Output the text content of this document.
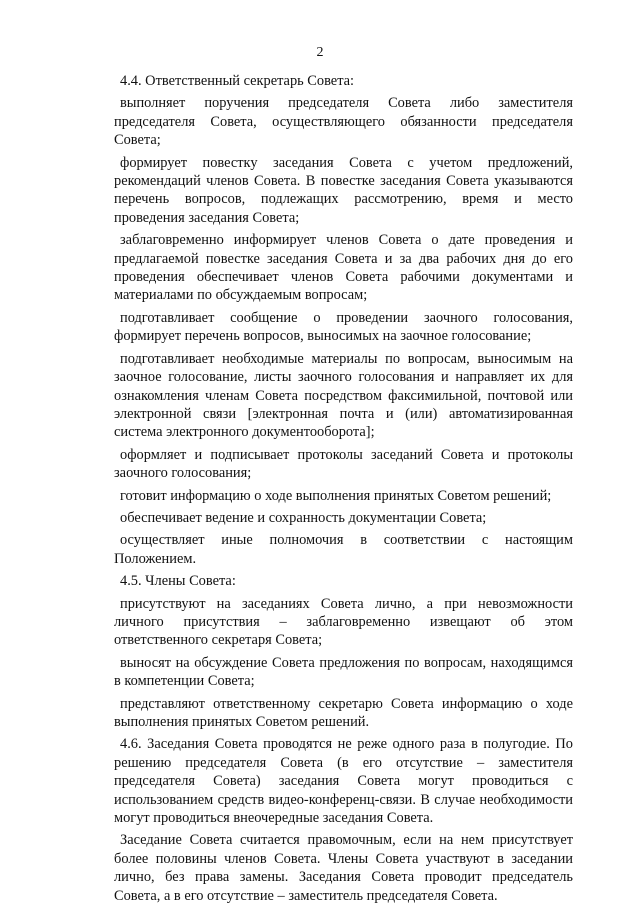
2

4.4. Ответственный секретарь Совета:

выполняет поручения председателя Совета либо заместителя председателя Совета, осуществляющего обязанности председателя Совета;

формирует повестку заседания Совета с учетом предложений, рекомендаций членов Совета. В повестке заседания Совета указываются перечень вопросов, подлежащих рассмотрению, время и место проведения заседания Совета;

заблаговременно информирует членов Совета о дате проведения и предлагаемой повестке заседания Совета и за два рабочих дня до его проведения обеспечивает членов Совета рабочими документами и материалами по обсуждаемым вопросам;

подготавливает сообщение о проведении заочного голосования, формирует перечень вопросов, выносимых на заочное голосование;

подготавливает необходимые материалы по вопросам, выносимым на заочное голосование, листы заочного голосования и направляет их для ознакомления членам Совета посредством факсимильной, почтовой или электронной связи [электронная почта и (или) автоматизированная система электронного документооборота];

оформляет и подписывает протоколы заседаний Совета и протоколы заочного голосования;

готовит информацию о ходе выполнения принятых Советом решений;

обеспечивает ведение и сохранность документации Совета;

осуществляет иные полномочия в соответствии с настоящим Положением.

4.5. Члены Совета:

присутствуют на заседаниях Совета лично, а при невозможности личного присутствия – заблаговременно извещают об этом ответственного секретаря Совета;

выносят на обсуждение Совета предложения по вопросам, находящимся в компетенции Совета;

представляют ответственному секретарю Совета информацию о ходе выполнения принятых Советом решений.

4.6. Заседания Совета проводятся не реже одного раза в полугодие. По решению председателя Совета (в его отсутствие – заместителя председателя Совета) заседания Совета могут проводиться с использованием средств видео-конференц-связи. В случае необходимости могут проводиться внеочередные заседания Совета.

Заседание Совета считается правомочным, если на нем присутствует более половины членов Совета. Члены Совета участвуют в заседании лично, без права замены. Заседания Совета проводит председатель Совета, а в его отсутствие – заместитель председателя Совета.
